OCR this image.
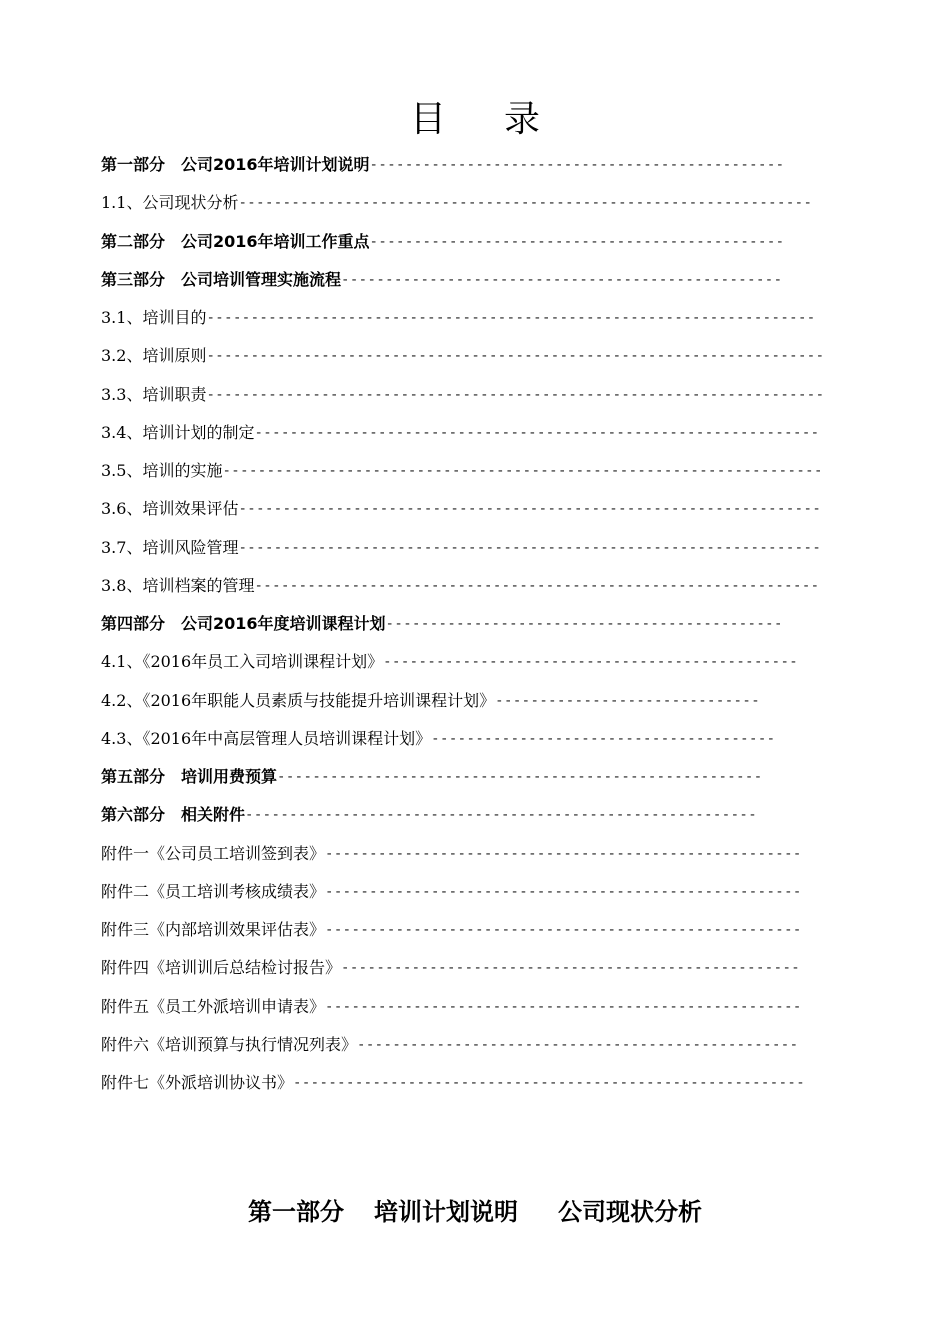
目 录
第一部分　公司2016年培训计划说明-----------------------------------------------
1.1、公司现状分析-----------------------------------------------------------------
第二部分　公司2016年培训工作重点-----------------------------------------------
第三部分　公司培训管理实施流程--------------------------------------------------
3.1、培训目的---------------------------------------------------------------------
3.2、培训原则----------------------------------------------------------------------
3.3、培训职责----------------------------------------------------------------------
3.4、培训计划的制定----------------------------------------------------------------
3.5、培训的实施--------------------------------------------------------------------
3.6、培训效果评估------------------------------------------------------------------
3.7、培训风险管理------------------------------------------------------------------
3.8、培训档案的管理----------------------------------------------------------------
第四部分　公司2016年度培训课程计划---------------------------------------------
4.1、《2016年员工入司培训课程计划》-----------------------------------------------
4.2、《2016年职能人员素质与技能提升培训课程计划》------------------------------
4.3、《2016年中高层管理人员培训课程计划》---------------------------------------
第五部分　培训用费预算-------------------------------------------------------
第六部分　相关附件----------------------------------------------------------
附件一《公司员工培训签到表》------------------------------------------------------
附件二《员工培训考核成绩表》------------------------------------------------------
附件三《内部培训效果评估表》------------------------------------------------------
附件四《培训训后总结检讨报告》----------------------------------------------------
附件五《员工外派培训申请表》------------------------------------------------------
附件六《培训预算与执行情况列表》--------------------------------------------------
附件七《外派培训协议书》----------------------------------------------------------
第一部分 培训计划说明 公司现状分析
